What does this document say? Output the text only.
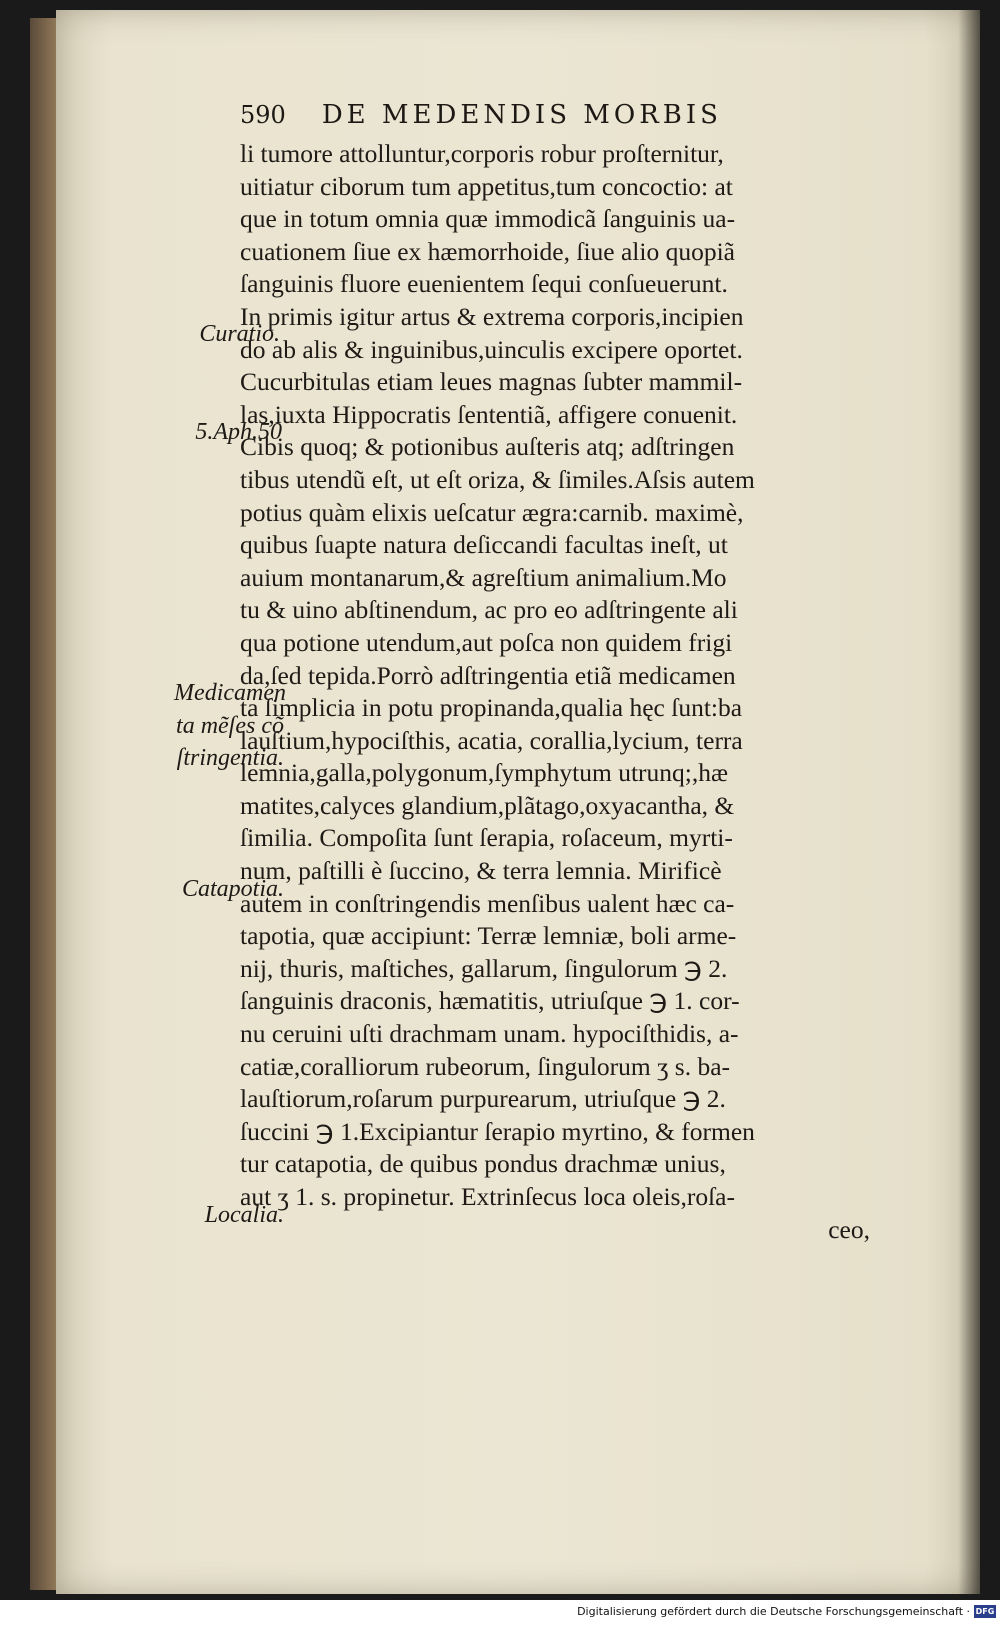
590 DE MEDENDIS MORBIS
li tumore attolluntur,corporis robur proſternitur,
uitiatur ciborum tum appetitus,tum concoctio: at
que in totum omnia quæ immodicã ſanguinis ua-
cuationem ſiue ex hæmorrhoide, ſiue alio quopiã
ſanguinis fluore euenientem ſequi conſueuerunt.
In primis igitur artus & extrema corporis,incipien
do ab alis & inguinibus,uinculis excipere oportet.
Cucurbitulas etiam leues magnas ſubter mammil-
las,iuxta Hippocratis ſententiã, affigere conuenit.
Cibis quoq; & potionibus auſteris atq; adſtringen
tibus utendũ eſt, ut eſt oriza, & ſimiles.Aſsis autem
potius quàm elixis ueſcatur ægra:carnib. maximè,
quibus ſuapte natura deſiccandi facultas ineſt, ut
auium montanarum,& agreſtium animalium.Mo
tu & uino abſtinendum, ac pro eo adſtringente ali
qua potione utendum,aut poſca non quidem frigi
da,ſed tepida.Porrò adſtringentia etiã medicamen
ta ſimplicia in potu propinanda,qualia hęc ſunt:ba
lauſtium,hypociſthis, acatia, corallia,lycium, terra
lemnia,galla,polygonum,ſymphytum utrunq;,hæ
matites,calyces glandium,plãtago,oxyacantha, &
ſimilia. Compoſita ſunt ſerapia, roſaceum, myrti-
num, paſtilli è ſuccino, & terra lemnia. Mirificè
autem in conſtringendis menſibus ualent hæc ca-
tapotia, quæ accipiunt: Terræ lemniæ, boli arme-
nij, thuris, maſtiches, gallarum, ſingulorum ℈ 2.
ſanguinis draconis, hæmatitis, utriuſque ℈ 1. cor-
nu ceruini uſti drachmam unam. hypociſthidis, a-
catiæ,coralliorum rubeorum, ſingulorum ʒ s. ba-
lauſtiorum,roſarum purpurearum, utriuſque ℈ 2.
ſuccini ℈ 1.Excipiantur ſerapio myrtino, & formen
tur catapotia, de quibus pondus drachmæ unius,
aut ʒ 1. s. propinetur. Extrinſecus loca oleis,roſa-
ceo,
Curatio.
5.Aph.50
Medicamen
ta mẽſes cõ
ſtringentia.
Catapotia.
Localia.
Digitalisierung gefördert durch die Deutsche Forschungsgemeinschaft · DFG
